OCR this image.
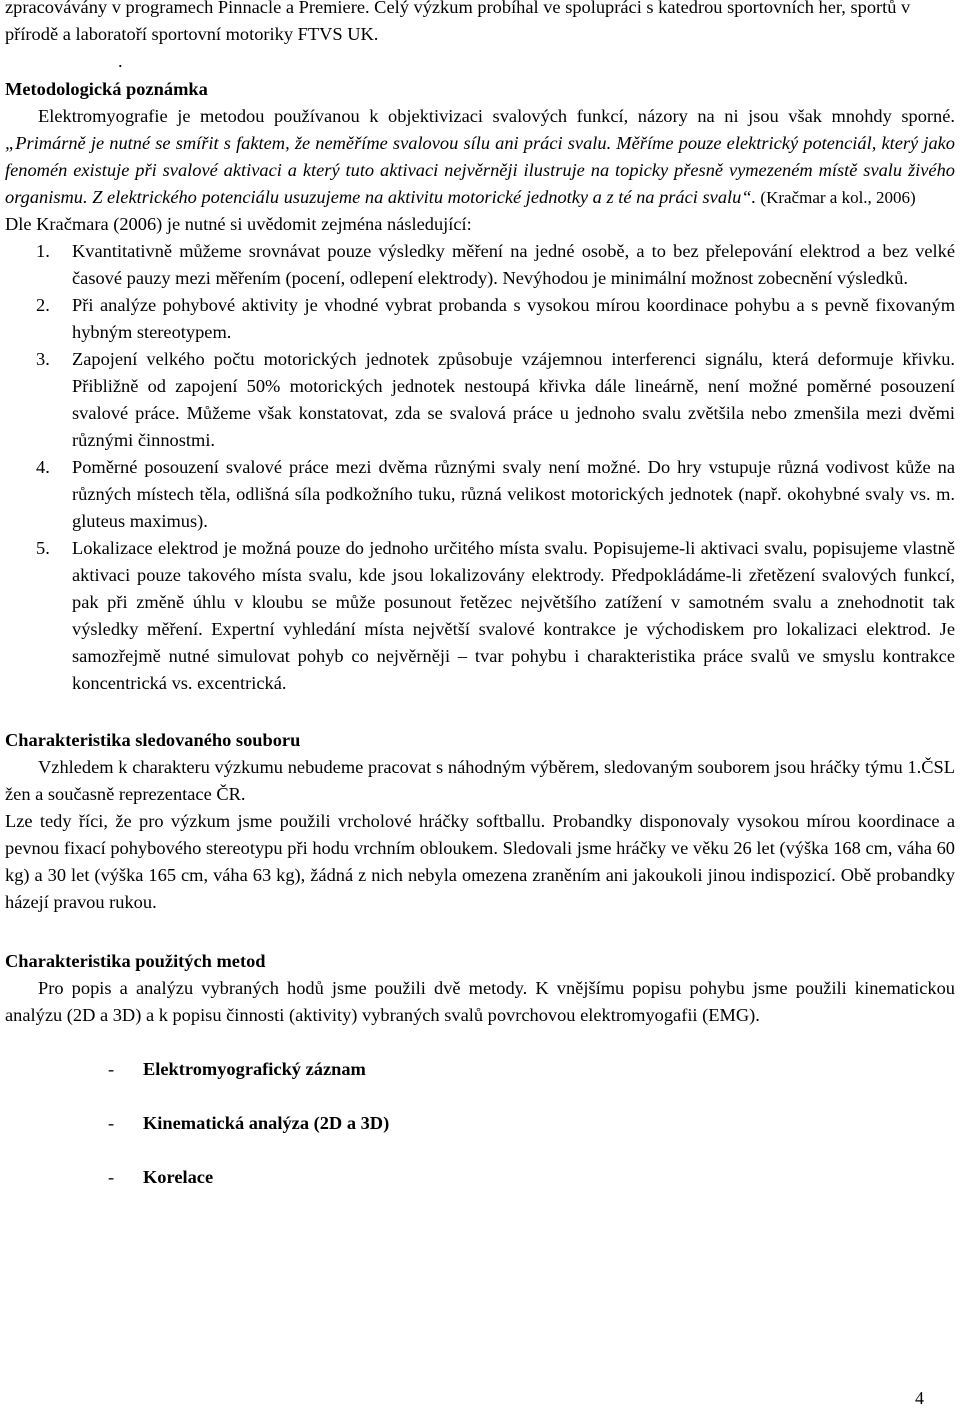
zpracovávány v programech Pinnacle a Premiere. Celý výzkum probíhal ve spolupráci s katedrou sportovních her, sportů v přírodě a laboratoří sportovní motoriky FTVS UK.

.

Metodologická poznámka

Elektromyografie je metodou používanou k objektivizaci svalových funkcí, názory na ni jsou však mnohdy sporné. „Primárně je nutné se smířit s faktem, že neměříme svalovou sílu ani práci svalu. Měříme pouze elektrický potenciál, který jako fenomén existuje při svalové aktivaci a který tuto aktivaci nejvěrněji ilustruje na topicky přesně vymezeném místě svalu živého organismu. Z elektrického potenciálu usuzujeme na aktivitu motorické jednotky a z té na práci svalu“. (Kračmar a kol., 2006)

Dle Kračmara (2006) je nutné si uvědomit zejména následující:

1. Kvantitativně můžeme srovnávat pouze výsledky měření na jedné osobě, a to bez přelepování elektrod a bez velké časové pauzy mezi měřením (pocení, odlepení elektrody). Nevýhodou je minimální možnost zobecnění výsledků.
2. Při analýze pohybové aktivity je vhodné vybrat probanda s vysokou mírou koordinace pohybu a s pevně fixovaným hybným stereotypem.
3. Zapojení velkého počtu motorických jednotek způsobuje vzájemnou interferenci signálu, která deformuje křivku. Přibližně od zapojení 50% motorických jednotek nestoupá křivka dále lineárně, není možné poměrné posouzení svalové práce. Můžeme však konstatovat, zda se svalová práce u jednoho svalu zvětšila nebo zmenšila mezi dvěmi různými činnostmi.
4. Poměrné posouzení svalové práce mezi dvěma různými svaly není možné. Do hry vstupuje různá vodivost kůže na různých místech těla, odlišná síla podkožního tuku, různá velikost motorických jednotek (např. okohybné svaly vs. m. gluteus maximus).
5. Lokalizace elektrod je možná pouze do jednoho určitého místa svalu. Popisujeme-li aktivaci svalu, popisujeme vlastně aktivaci pouze takového místa svalu, kde jsou lokalizovány elektrody. Předpokládáme-li zřetězení svalových funkcí, pak při změně úhlu v kloubu se může posunout řetězec největšího zatížení v samotném svalu a znehodnotit tak výsledky měření. Expertní vyhledání místa největší svalové kontrakce je východiskem pro lokalizaci elektrod. Je samozřejmě nutné simulovat pohyb co nejvěrněji – tvar pohybu i charakteristika práce svalů ve smyslu kontrakce koncentrická vs. excentrická.
Charakteristika sledovaného souboru

Vzhledem k charakteru výzkumu nebudeme pracovat s náhodným výběrem, sledovaným souborem jsou hráčky týmu 1.ČSL žen a současně reprezentace ČR.

Lze tedy říci, že pro výzkum jsme použili vrcholové hráčky softballu. Probandky disponovaly vysokou mírou koordinace a pevnou fixací pohybového stereotypu při hodu vrchním obloukem. Sledovali jsme hráčky ve věku 26 let (výška 168 cm, váha 60 kg) a 30 let (výška 165 cm, váha 63 kg), žádná z nich nebyla omezena zraněním ani jakoukoli jinou indispozicí. Obě probandky házejí pravou rukou.

Charakteristika použitých metod

Pro popis a analýzu vybraných hodů jsme použili dvě metody. K vnějšímu popisu pohybu jsme použili kinematickou analýzu (2D a 3D) a k popisu činnosti (aktivity) vybraných svalů povrchovou elektromyogafii (EMG).

- Elektromyografický záznam
- Kinematická analýza (2D a 3D)
- Korelace
4
